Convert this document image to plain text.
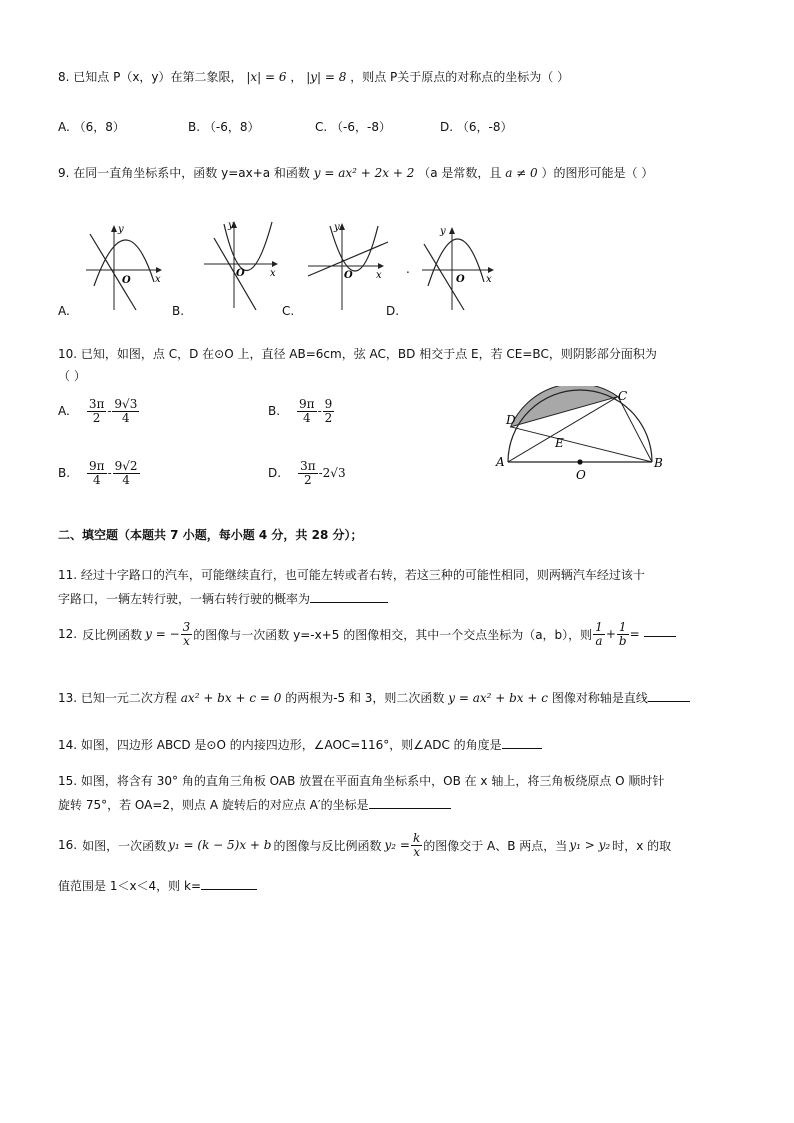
8. 已知点 P（x，y）在第二象限， |x| = 6 ， |y| = 8 ，则点 P关于原点的对称点的坐标为（ ）
A. （6，8）	B. （-6，8）	C. （-6，-8）	D. （6，-8）
9. 在同一直角坐标系中，函数 y=ax+a 和函数 y = ax² + 2x + 2 （a 是常数，且 a ≠ 0 ）的图形可能是（ ）
y
x
O
y
x
O
y
x
O	.
y
x
O
A.	B.	C.	D.
10. 已知，如图，点 C，D 在⊙O 上，直径 AB=6cm，弦 AC，BD 相交于点 E，若 CE=BC，则阴影部分面积为
（ ）
A. $\frac{3\pi}{2} - \frac{9√3}{4}$	B. $\frac{9\pi}{4} - \frac{9}{2}$
B. $\frac{9\pi}{4} - \frac{9√2}{4}$	D. $\frac{3\pi}{2} - 2√3$
A	B
C
D
E
O
二、填空题（本题共 7 小题，每小题 4 分，共 28 分）；
11. 经过十字路口的汽车，可能继续直行，也可能左转或者右转，若这三种的可能性相同，则两辆汽车经过该十
字路口，一辆左转行驶，一辆右转行驶的概率为
12. 反比例函数 y = − $\frac{3}{x}$ 的图像与一次函数 y=-x+5 的图像相交，其中一个交点坐标为（a，b），则 $\frac{1}{a} + \frac{1}{b}$ =
13. 已知一元二次方程 ax² + bx + c = 0 的两根为-5 和 3，则二次函数 y = ax² + bx + c 图像对称轴是直线
14. 如图，四边形 ABCD 是⊙O 的内接四边形，∠AOC=116°，则∠ADC 的角度是
15. 如图，将含有 30° 角的直角三角板 OAB 放置在平面直角坐标系中，OB 在 x 轴上，将三角板绕原点 O 顺时针
旋转 75°，若 OA=2，则点 A 旋转后的对应点 A′的坐标是
16. 如图，一次函数 y₁ = (k − 5)x + b 的图像与反比例函数 $y_2 = \frac{k}{x}$ 的图像交于 A、B 两点，当 y₁ > y₂ 时，x 的取
值范围是 1＜x＜4，则 k=
